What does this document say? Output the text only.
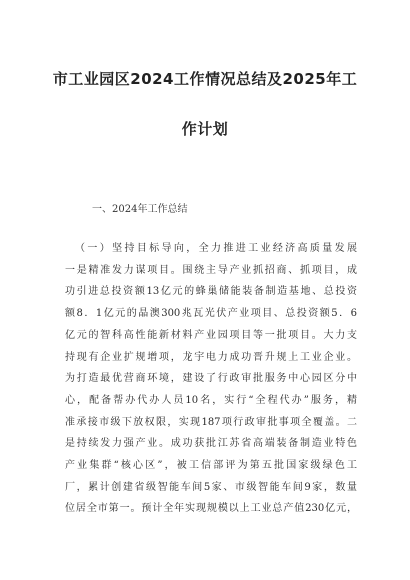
市工业园区2024工作情况总结及2025年工
作计划

一、2024年工作总结

（一）坚持目标导向，全力推进工业经济高质量发展
一是精准发力谋项目。围绕主导产业抓招商、抓项目，成
功引进总投资额13亿元的蜂巢储能装备制造基地、总投资
额8．1亿元的晶澳300兆瓦光伏产业项目、总投资额5．6
亿元的智科高性能新材料产业园项目等一批项目。大力支
持现有企业扩规增项，龙宇电力成功晋升规上工业企业。
为打造最优营商环境，建设了行政审批服务中心园区分中
心，配备帮办代办人员10名，实行“全程代办”服务，精
准承接市级下放权限，实现187项行政审批事项全覆盖。二
是持续发力强产业。成功获批江苏省高端装备制造业特色
产业集群“核心区”，被工信部评为第五批国家级绿色工
厂，累计创建省级智能车间5家、市级智能车间9家，数量
位居全市第一。预计全年实现规模以上工业总产值230亿元，
